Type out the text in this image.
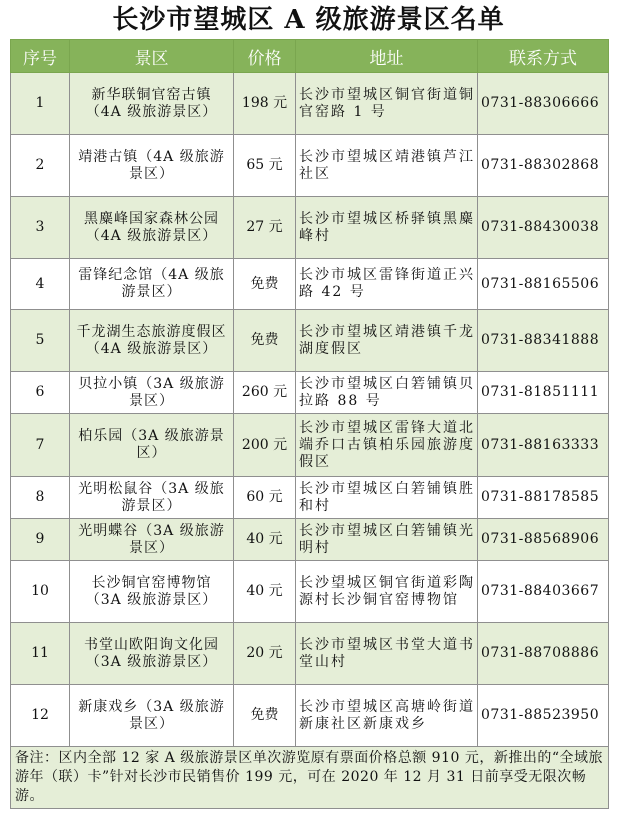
长沙市望城区 A 级旅游景区名单
序号	景区	价格	地址	联系方式
1	新华联铜官窑古镇（4A 级旅游景区）	198 元	长沙市望城区铜官街道铜官窑路 1 号	0731-88306666
2	靖港古镇（4A 级旅游景区）	65 元	长沙市望城区靖港镇芦江社区	0731-88302868
3	黑麋峰国家森林公园（4A 级旅游景区）	27 元	长沙市望城区桥驿镇黑麋峰村	0731-88430038
4	雷锋纪念馆（4A 级旅游景区）	免费	长沙市城区雷锋街道正兴路 42 号	0731-88165506
5	千龙湖生态旅游度假区（4A 级旅游景区）	免费	长沙市望城区靖港镇千龙湖度假区	0731-88341888
6	贝拉小镇（3A 级旅游景区）	260 元	长沙市望城区白箬铺镇贝拉路 88 号	0731-81851111
7	柏乐园（3A 级旅游景区）	200 元	长沙市望城区雷锋大道北端乔口古镇柏乐园旅游度假区	0731-88163333
8	光明松鼠谷（3A 级旅游景区）	60 元	长沙市望城区白箬铺镇胜和村	0731-88178585
9	光明蝶谷（3A 级旅游景区）	40 元	长沙市望城区白箬铺镇光明村	0731-88568906
10	长沙铜官窑博物馆（3A 级旅游景区）	40 元	长沙望城区铜官街道彩陶源村长沙铜官窑博物馆	0731-88403667
11	书堂山欧阳询文化园（3A 级旅游景区）	20 元	长沙市望城区书堂大道书堂山村	0731-88708886
12	新康戏乡（3A 级旅游景区）	免费	长沙市望城区高塘岭街道新康社区新康戏乡	0731-88523950
备注：区内全部 12 家 A 级旅游景区单次游览原有票面价格总额 910 元，新推出的“全域旅游年（联）卡”针对长沙市民销售价 199 元，可在 2020 年 12 月 31 日前享受无限次畅游。				
